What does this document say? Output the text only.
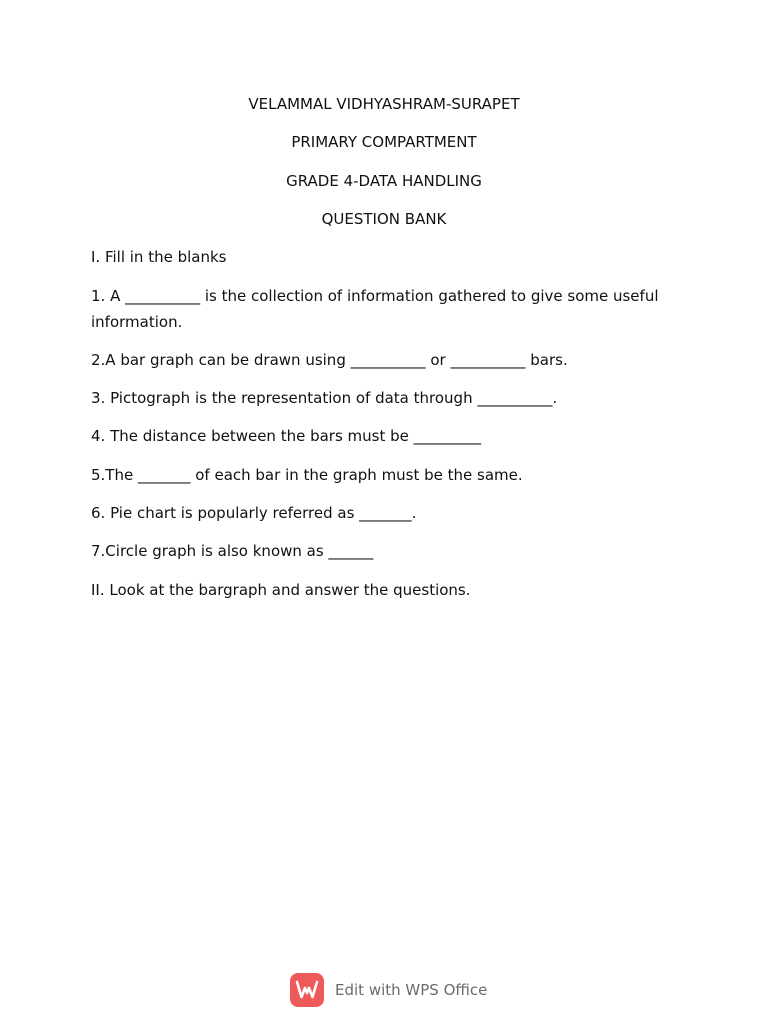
VELAMMAL VIDHYASHRAM-SURAPET
PRIMARY COMPARTMENT
GRADE 4-DATA HANDLING
QUESTION BANK
I. Fill in the blanks
1. A __________ is the collection of information gathered to give some useful information.
2.A bar graph can be drawn using __________ or __________ bars.
3. Pictograph is the representation of data through __________.
4. The distance between the bars must be _________
5.The _______ of each bar in the graph must be the same.
6. Pie chart is popularly referred as _______.
7.Circle graph is also known as ______
II. Look at the bargraph and answer the questions.
Edit with WPS Office
